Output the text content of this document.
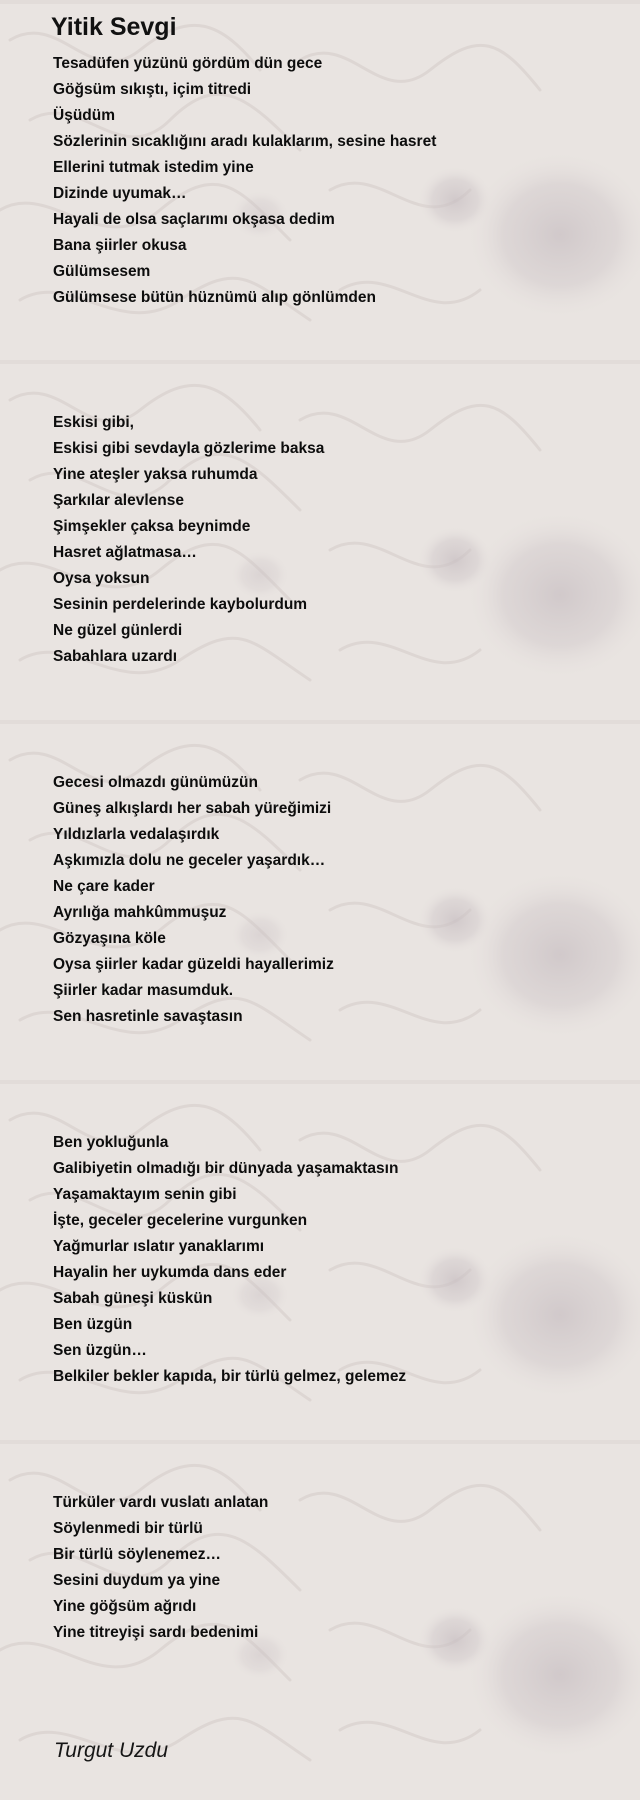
Yitik Sevgi
Tesadüfen yüzünü gördüm dün gece
Göğsüm sıkıştı, içim titredi
Üşüdüm
Sözlerinin sıcaklığını aradı kulaklarım, sesine hasret
Ellerini tutmak istedim yine
Dizinde uyumak…
Hayali de olsa saçlarımı okşasa dedim
Bana şiirler okusa
Gülümsesem
Gülümsese bütün hüznümü alıp gönlümden
Eskisi gibi,
Eskisi gibi sevdayla gözlerime baksa
Yine ateşler yaksa ruhumda
Şarkılar alevlense
Şimşekler çaksa beynimde
Hasret ağlatmasa…
Oysa yoksun
Sesinin perdelerinde kaybolurdum
Ne güzel günlerdi
Sabahlara uzardı
Gecesi olmazdı günümüzün
Güneş alkışlardı her sabah yüreğimizi
Yıldızlarla vedalaşırdık
Aşkımızla dolu ne geceler yaşardık…
Ne çare kader
Ayrılığa mahkûmmuşuz
Gözyaşına köle
Oysa şiirler kadar güzeldi hayallerimiz
Şiirler kadar masumduk.
Sen hasretinle savaştasın
Ben yokluğunla
Galibiyetin olmadığı bir dünyada yaşamaktasın
Yaşamaktayım senin gibi
İşte, geceler gecelerine vurgunken
Yağmurlar ıslatır yanaklarımı
Hayalin her uykumda dans eder
Sabah güneşi küskün
Ben üzgün
Sen üzgün…
Belkiler bekler kapıda, bir türlü gelmez, gelemez
Türküler vardı vuslatı anlatan
Söylenmedi bir türlü
Bir türlü söylenemez…
Sesini duydum ya yine
Yine göğsüm ağrıdı
Yine titreyişi sardı bedenimi
Turgut Uzdu
